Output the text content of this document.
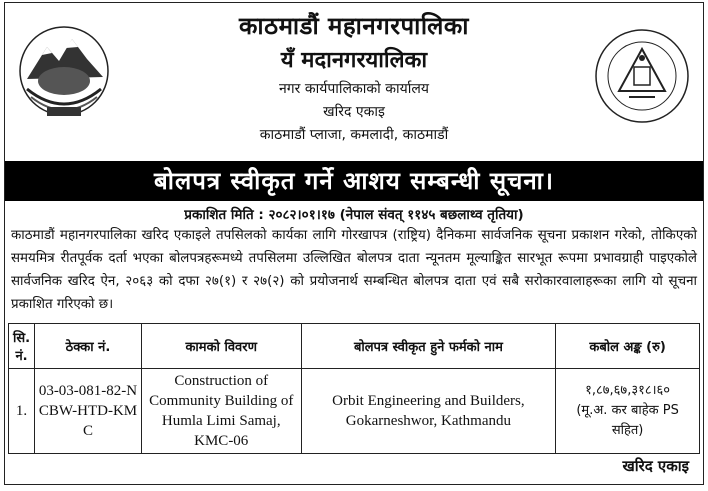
काठमाडौं महानगरपालिका
यॅं मदानगरयालिका
नगर कार्यपालिकाको कार्यालय
खरिद एकाइ
काठमाडौं प्लाजा, कमलादी, काठमाडौं
बोलपत्र स्वीकृत गर्ने आशय सम्बन्धी सूचना।
प्रकाशित मिति : २०८२।०१।१७ (नेपाल संवत् ११४५ बछलाथ्व तृतिया)
काठमाडौं महानगरपालिका खरिद एकाइले तपसिलको कार्यका लागि गोरखापत्र (राष्ट्रिय) दैनिकमा सार्वजनिक सूचना प्रकाशन गरेको, तोकिएको समयमित्र रीतपूर्वक दर्ता भएका बोलपत्रहरूमध्ये तपसिलमा उल्लिखित बोलपत्र दाता न्यूनतम मूल्याङ्कित सारभूत रूपमा प्रभावग्राही पाइएकोले सार्वजनिक खरिद ऐन, २०६३ को दफा २७(१) र २७(२) को प्रयोजनार्थ सम्बन्धित बोलपत्र दाता एवं सबै सरोकारवालाहरूका लागि यो सूचना प्रकाशित गरिएको छ।
सि. नं.	ठेक्का नं.	कामको विवरण	बोलपत्र स्वीकृत हुने फर्मको नाम	कबोल अङ्क (रु)
1.	03-03-081-82-NCBW-HTD-KMC	Construction of Community Building of Humla Limi Samaj, KMC-06	Orbit Engineering and Builders, Gokarneshwor, Kathmandu	१,८७,६७,३१८।६०
(मू.अ. कर बाहेक PS सहित)
खरिद एकाइ
